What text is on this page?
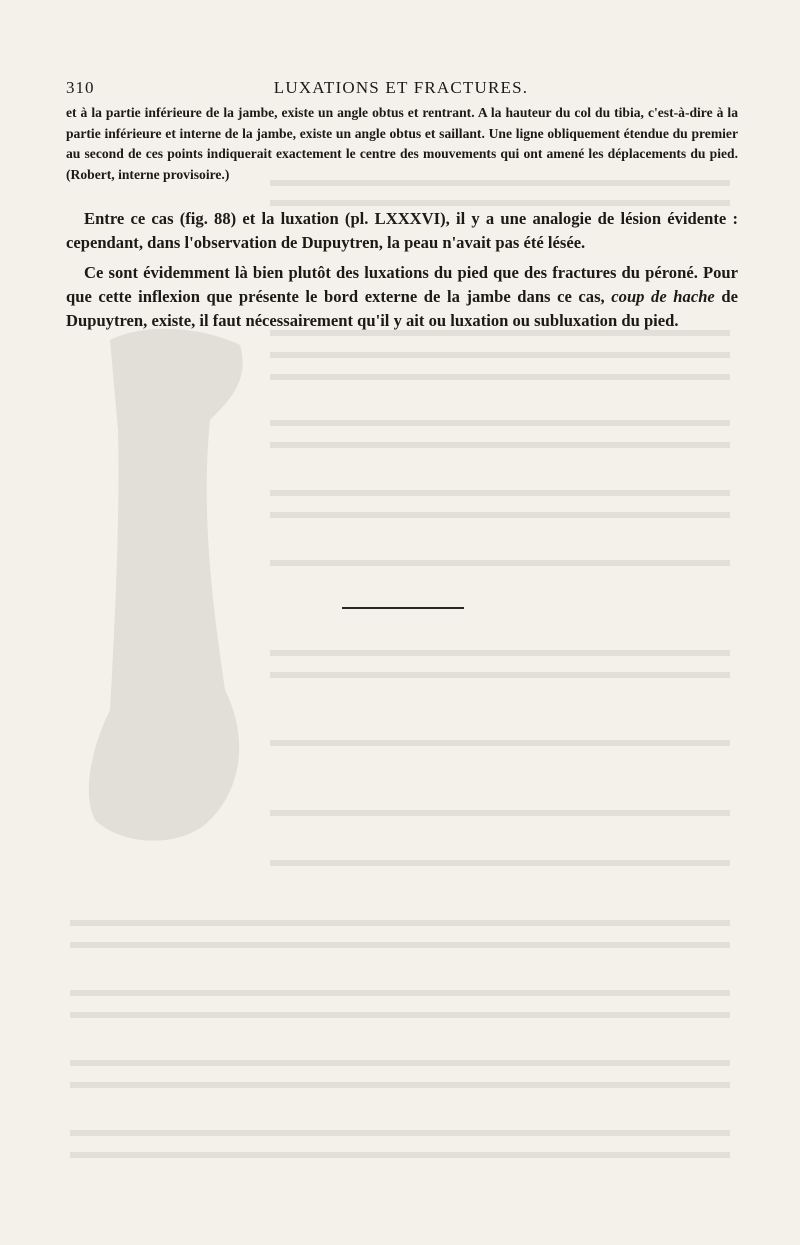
310	LUXATIONS ET FRACTURES.

et à la partie inférieure de la jambe, existe un angle obtus et rentrant. A la hauteur du col du tibia, c'est-à-dire à la partie inférieure et interne de la jambe, existe un angle obtus et saillant. Une ligne obliquement étendue du premier au second de ces points indiquerait exactement le centre des mouvements qui ont amené les déplacements du pied. (Robert, interne provisoire.)

Entre ce cas (fig. 88) et la luxation (pl. LXXXVI), il y a une analogie de lésion évidente : cependant, dans l'observation de Dupuytren, la peau n'avait pas été lésée.

Ce sont évidemment là bien plutôt des luxations du pied que des fractures du péroné. Pour que cette inflexion que présente le bord externe de la jambe dans ce cas, coup de hache de Dupuytren, existe, il faut nécessairement qu'il y ait ou luxation ou subluxation du pied.
